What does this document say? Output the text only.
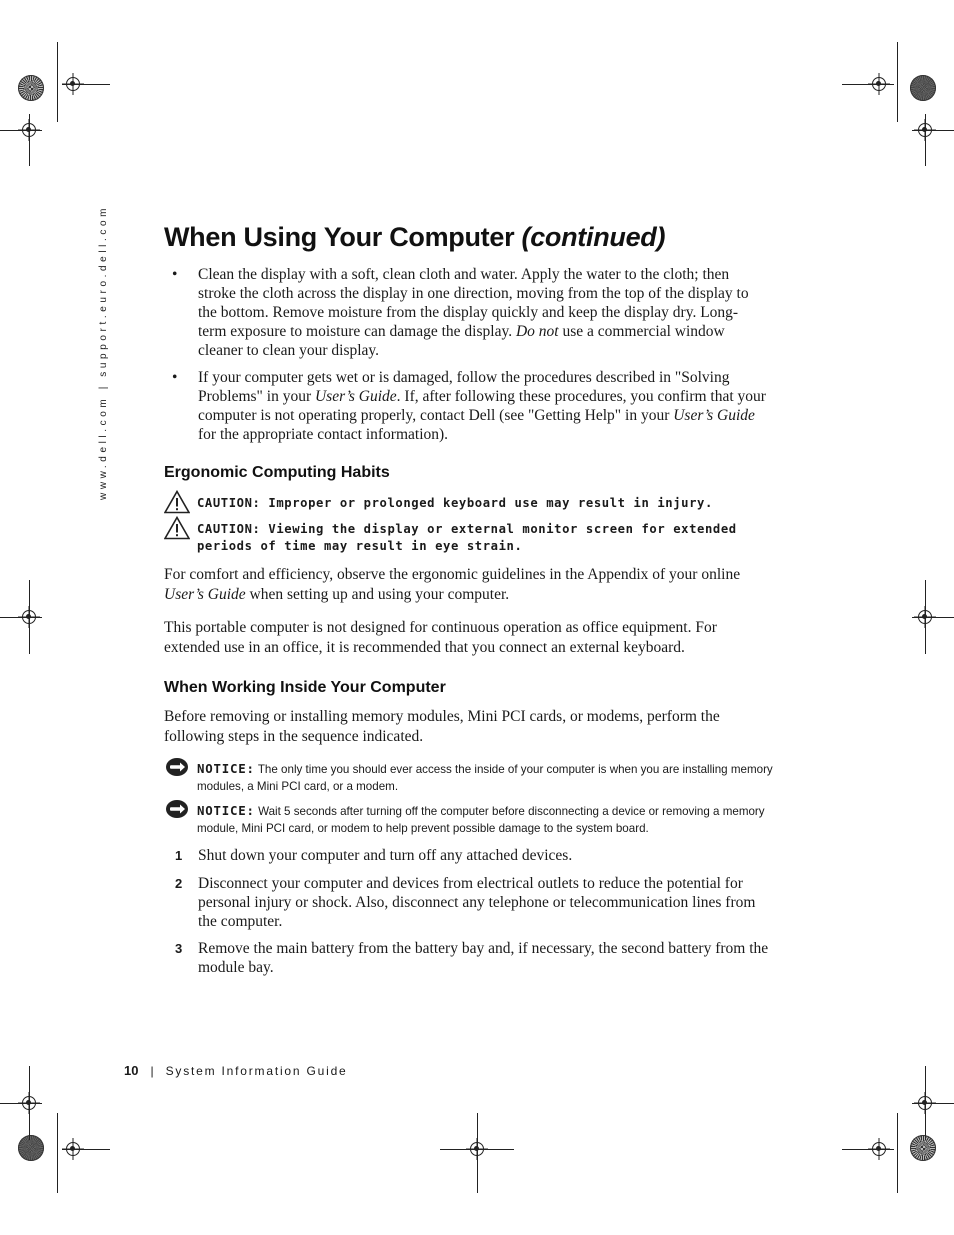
www.dell.com | support.euro.dell.com When Using Your Computer (continued)
• Clean the display with a soft, clean cloth and water. Apply the water to the cloth; then
stroke the cloth across the display in one direction, moving from the top of the display to
the bottom. Remove moisture from the display quickly and keep the display dry. Long-
term exposure to moisture can damage the display. Do not use a commercial window
cleaner to clean your display.
• If your computer gets wet or is damaged, follow the procedures described in "Solving
Problems" in your User’s Guide. If, after following these procedures, you confirm that your
computer is not operating properly, contact Dell (see "Getting Help" in your User’s Guide
for the appropriate contact information).
Ergonomic Computing Habits
CAUTION: Improper or prolonged keyboard use may result in injury.
CAUTION: Viewing the display or external monitor screen for extended periods of time may result in eye strain.
For comfort and efficiency, observe the ergonomic guidelines in the Appendix of your online User’s Guide when setting up and using your computer.
This portable computer is not designed for continuous operation as office equipment. For extended use in an office, it is recommended that you connect an external keyboard.
When Working Inside Your Computer
Before removing or installing memory modules, Mini PCI cards, or modems, perform the following steps in the sequence indicated.
NOTICE: The only time you should ever access the inside of your computer is when you are installing memory modules, a Mini PCI card, or a modem.
NOTICE: Wait 5 seconds after turning off the computer before disconnecting a device or removing a memory module, Mini PCI card, or modem to help prevent possible damage to the system board.
1 Shut down your computer and turn off any attached devices.
2 Disconnect your computer and devices from electrical outlets to reduce the potential for personal injury or shock. Also, disconnect any telephone or telecommunication lines from the computer.
3 Remove the main battery from the battery bay and, if necessary, the second battery from the module bay.
10 | System Information Guide
